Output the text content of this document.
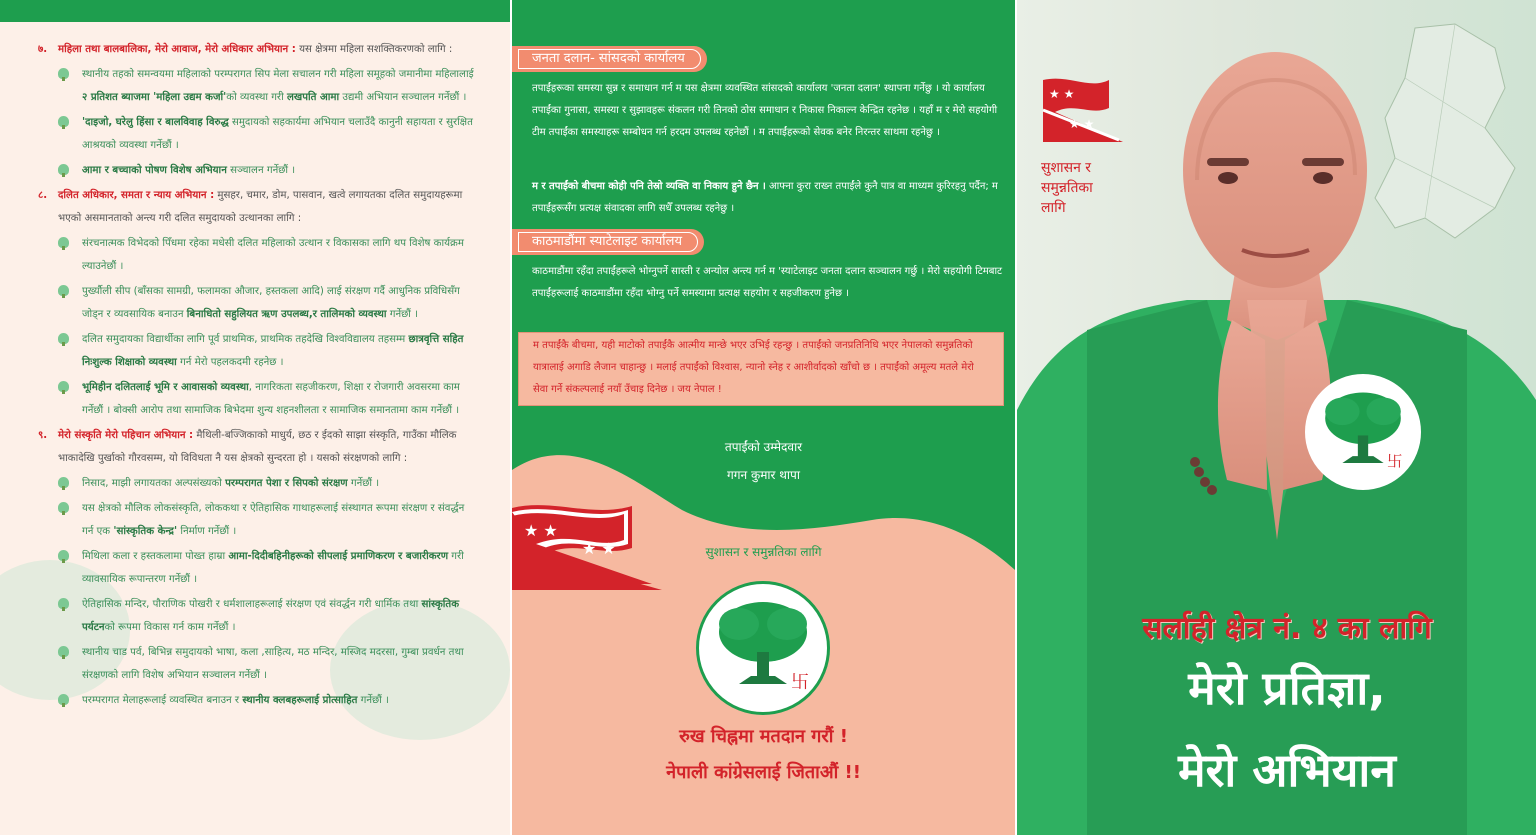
७. महिला तथा बालबालिका, मेरो आवाज, मेरो अधिकार अभियान : यस क्षेत्रमा महिला सशक्तिकरणको लागि :
स्थानीय तहको समन्वयमा महिलाको परम्परागत सिप मेला सचालन गरी महिला समूहको जमानीमा महिलालाई २ प्रतिशत ब्याजमा 'महिला उद्यम कर्जा'को व्यवस्था गरी लखपति आमा उद्यमी अभियान सञ्चालन गर्नेछौं ।
'दाइजो, घरेलु हिंसा र बालविवाह विरुद्ध समुदायको सहकार्यमा अभियान चलाउँदै कानुनी सहायता र सुरक्षित आश्रयको व्यवस्था गर्नेछौं ।
आमा र बच्चाको पोषण विशेष अभियान सञ्चालन गर्नेछौं ।
८. दलित अधिकार, समता र न्याय अभियान : मुसहर, चमार, डोम, पासवान, खत्वे लगायतका दलित समुदायहरूमा भएको असमानताको अन्त्य गरी दलित समुदायको उत्थानका लागि :
संरचनात्मक विभेदको पिँधमा रहेका मधेसी दलित महिलाको उत्थान र विकासका लागि थप विशेष कार्यक्रम ल्याउनेछौं ।
पुर्ख्यौली सीप (बाँसका सामग्री, फलामका औजार, हस्तकला आदि) लाई संरक्षण गर्दै आधुनिक प्रविधिसँग जोड्न र व्यवसायिक बनाउन बिनाधितो सहुलियत ऋण उपलब्ध,र तालिमको व्यवस्था गर्नेछौं ।
दलित समुदायका विद्यार्थीका लागि पूर्व प्राथमिक, प्राथमिक तहदेखि विश्वविद्यालय तहसम्म छात्रवृत्ति सहित निःशुल्क शिक्षाको व्यवस्था गर्न मेरो पहलकदमी रहनेछ ।
भूमिहीन दलितलाई भूमि र आवासको व्यवस्था, नागरिकता सहजीकरण, शिक्षा र रोजगारी अवसरमा काम गर्नेछौं । बोक्सी आरोप तथा सामाजिक बिभेदमा शुन्य शहनशीलता र सामाजिक समानतामा काम गर्नेछौं ।
९. मेरो संस्कृति मेरो पहिचान अभियान : मैथिली-बज्जिकाको माधुर्य, छठ र ईदको साझा संस्कृति, गाउँका मौलिक भाकादेखि पुर्खाको गौरवसम्म, यो विविधता नै यस क्षेत्रको सुन्दरता हो । यसको संरक्षणको लागि :
निसाद, माझी लगायतका अल्पसंख्यको परम्परागत पेशा र सिपको संरक्षण गर्नेछौं ।
यस क्षेत्रको मौलिक लोकसंस्कृति, लोककथा र ऐतिहासिक गाथाहरूलाई संस्थागत रूपमा संरक्षण र संवर्द्धन गर्न एक 'सांस्कृतिक केन्द्र' निर्माण गर्नेछौं ।
मिथिला कला र हस्तकलामा पोख्त हाम्रा आमा-दिदीबहिनीहरूको सीपलाई प्रमाणिकरण र बजारीकरण गरी व्यावसायिक रूपान्तरण गर्नेछौं ।
ऐतिहासिक मन्दिर, पौराणिक पोखरी र धर्मशालाहरूलाई संरक्षण एवं संवर्द्धन गरी धार्मिक तथा सांस्कृतिक पर्यटनको रूपमा विकास गर्न काम गर्नेछौं ।
स्थानीय चाड पर्व, बिभिन्न समुदायको भाषा, कला ,साहित्य, मठ मन्दिर, मस्जिद मदरसा, गुम्बा प्रवर्धन तथा संरक्षणको लागि विशेष अभियान सञ्चालन गर्नेछौं ।
परम्परागत मेलाहरूलाई व्यवस्थित बनाउन र स्थानीय क्लबहरूलाई प्रोत्साहित गर्नेछौं ।
जनता दलान- सांसदको कार्यालय
तपाईंहरूका समस्या सुन्न र समाधान गर्न म यस क्षेत्रमा व्यवस्थित सांसदको कार्यालय 'जनता दलान' स्थापना गर्नेछु । यो कार्यालय तपाईंका गुनासा, समस्या र सुझावहरू संकलन गरी तिनको ठोस समाधान र निकास निकाल्न केन्द्रित रहनेछ । यहाँ म र मेरो सहयोगी टीम तपाईंका समस्याहरू सम्बोधन गर्न हरदम उपलब्ध रहनेछौं । म तपाईंहरूको सेवक बनेर निरन्तर साथमा रहनेछु ।
म र तपाईंको बीचमा कोही पनि तेस्रो व्यक्ति वा निकाय हुने छैन । आफ्ना कुरा राख्न तपाईंले कुनै पात्र वा माध्यम कुरिरहनु पर्दैन; म तपाईंहरूसँग प्रत्यक्ष संवादका लागि सधैँ उपलब्ध रहनेछु ।
काठमाडौंमा स्याटेलाइट कार्यालय
काठमाडौंमा रहँदा तपाईंहरूले भोग्नुपर्ने सास्ती र अन्योल अन्त्य गर्न म 'स्याटेलाइट जनता दलान सञ्चालन गर्छु । मेरो सहयोगी टिमबाट तपाईंहरूलाई काठमाडौंमा रहँदा भोग्नु पर्ने समस्यामा प्रत्यक्ष सहयोग र सहजीकरण हुनेछ ।
म तपाईंकै बीचमा, यही माटोको तपाईंकै आत्मीय मान्छे भएर उभिई रहन्छु । तपाईंको जनप्रतिनिधि भएर नेपालको समुन्नतिको यात्रालाई अगाडि लैजान चाहान्छु । मलाई तपाईंको विश्वास, न्यानो स्नेह र आशीर्वादको खाँचो छ । तपाईंको अमूल्य मतले मेरो सेवा गर्ने संकल्पलाई नयाँ उँचाइ दिनेछ । जय नेपाल !
तपाईंको उम्मेदवार
गगन कुमार थापा
★ ★
★ ★	सुशासन र समुन्नतिका लागि
卐
रुख चिह्नमा मतदान गरौं !
नेपाली कांग्रेसलाई जिताऔं !!
★ ★
★ ★
सुशासन र
समुन्नतिका
लागि
卐
सर्लाही क्षेत्र नं. ४ का लागि
मेरो प्रतिज्ञा,
मेरो अभियान
